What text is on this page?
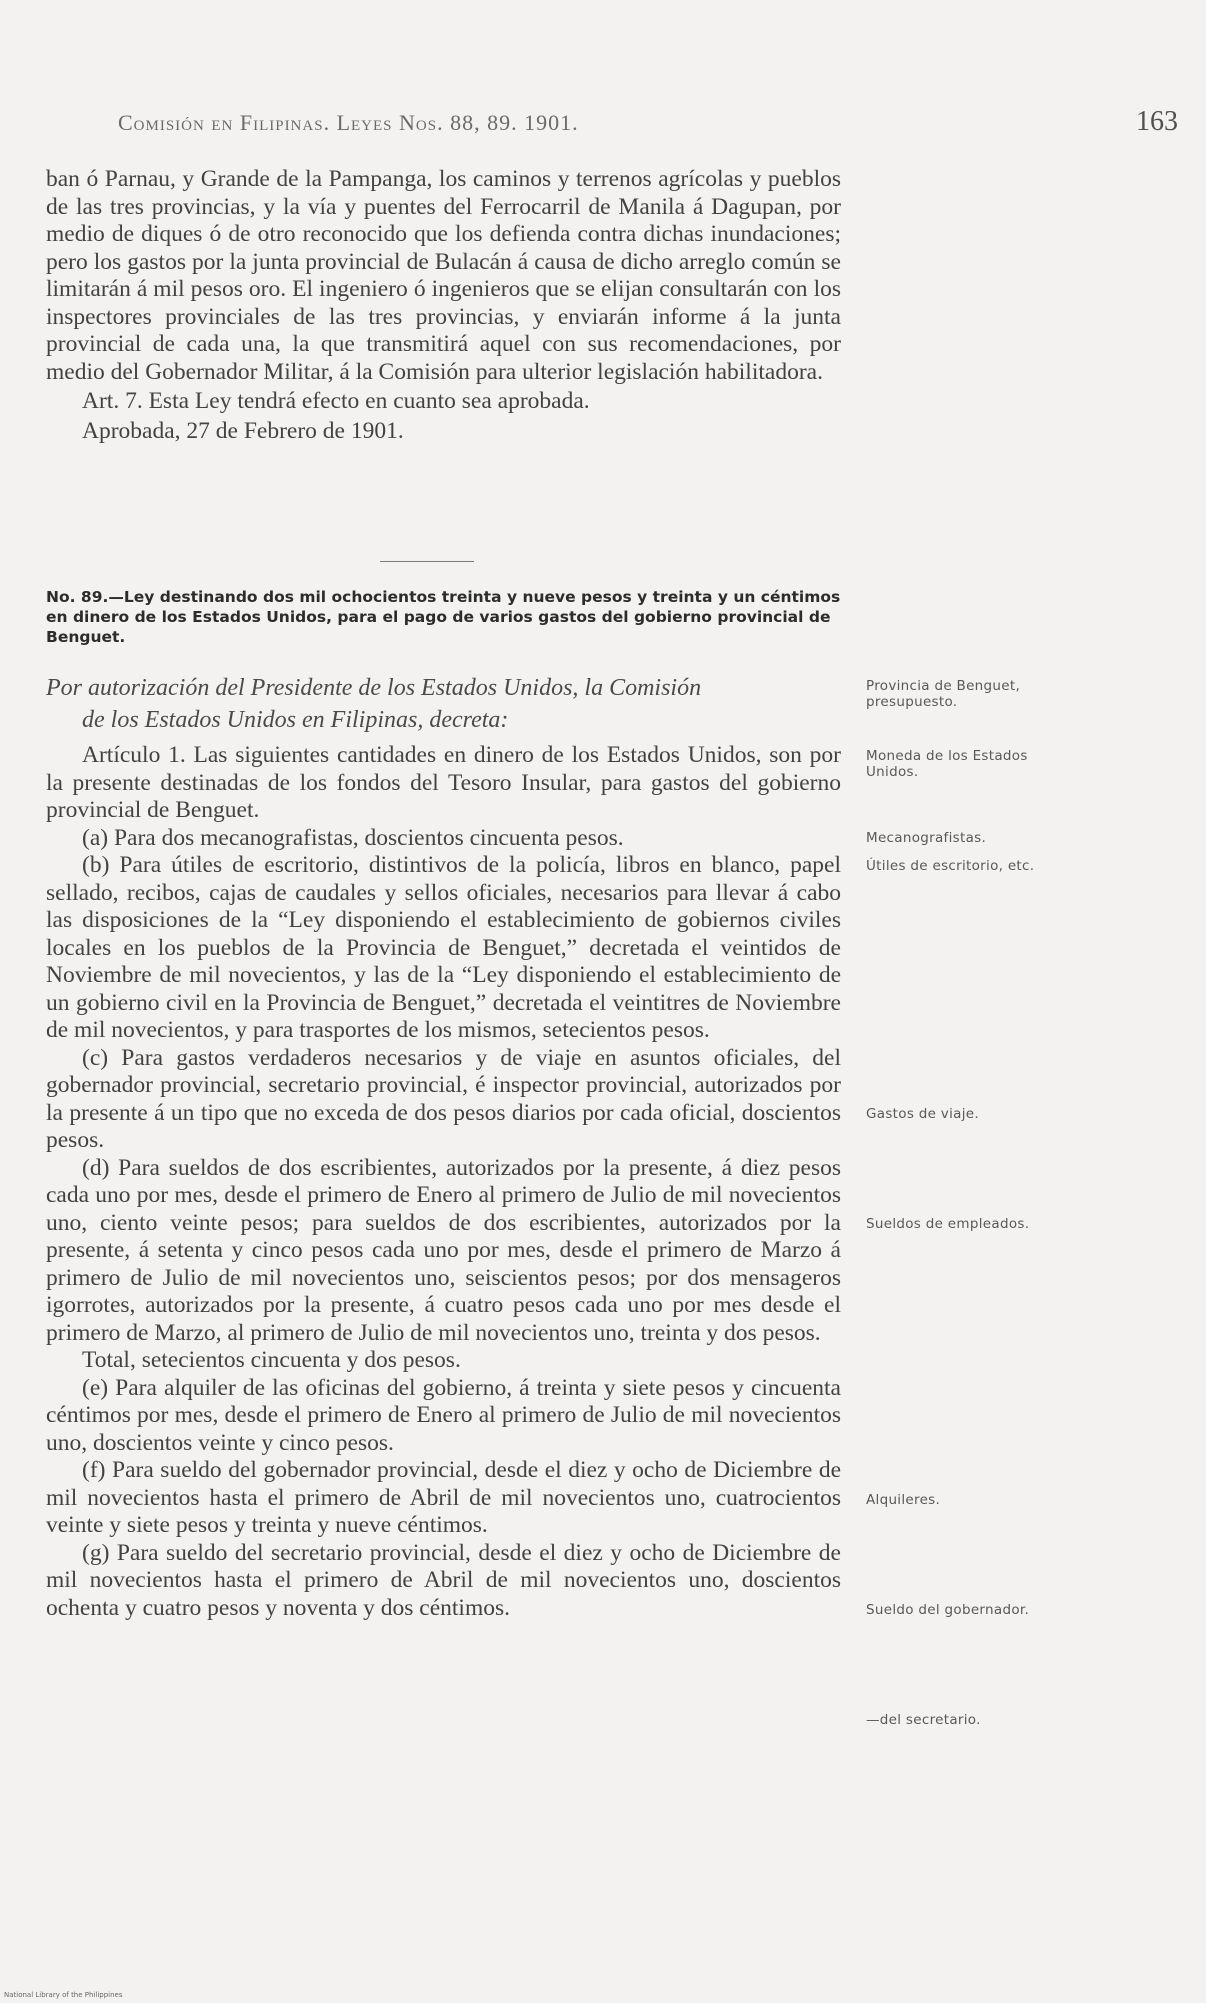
Comisión en Filipinas. Leyes Nos. 88, 89. 1901.	163

ban ó Parnau, y Grande de la Pampanga, los caminos y terrenos agrícolas y pueblos de las tres provincias, y la vía y puentes del Ferrocarril de Manila á Dagupan, por medio de diques ó de otro reconocido que los defienda contra dichas inundaciones; pero los gastos por la junta provincial de Bulacán á causa de dicho arreglo común se limitarán á mil pesos oro. El ingeniero ó ingenieros que se elijan consultarán con los inspectores provinciales de las tres provincias, y enviarán informe á la junta provincial de cada una, la que transmitirá aquel con sus recomendaciones, por medio del Gobernador Militar, á la Comisión para ulterior legislación habilitadora.

Art. 7. Esta Ley tendrá efecto en cuanto sea aprobada.

Aprobada, 27 de Febrero de 1901.

No. 89.—Ley destinando dos mil ochocientos treinta y nueve pesos y treinta y un céntimos en dinero de los Estados Unidos, para el pago de varios gastos del gobierno provincial de Benguet.

Por autorización del Presidente de los Estados Unidos, la Comisión
de los Estados Unidos en Filipinas, decreta:

Artículo 1. Las siguientes cantidades en dinero de los Estados Unidos, son por la presente destinadas de los fondos del Tesoro Insular, para gastos del gobierno provincial de Benguet.

(a) Para dos mecanografistas, doscientos cincuenta pesos.

(b) Para útiles de escritorio, distintivos de la policía, libros en blanco, papel sellado, recibos, cajas de caudales y sellos oficiales, necesarios para llevar á cabo las disposiciones de la “Ley disponiendo el establecimiento de gobiernos civiles locales en los pueblos de la Provincia de Benguet,” decretada el veintidos de Noviembre de mil novecientos, y las de la “Ley disponiendo el establecimiento de un gobierno civil en la Provincia de Benguet,” decretada el veintitres de Noviembre de mil novecientos, y para trasportes de los mismos, setecientos pesos.

(c) Para gastos verdaderos necesarios y de viaje en asuntos oficiales, del gobernador provincial, secretario provincial, é inspector provincial, autorizados por la presente á un tipo que no exceda de dos pesos diarios por cada oficial, doscientos pesos.

(d) Para sueldos de dos escribientes, autorizados por la presente, á diez pesos cada uno por mes, desde el primero de Enero al primero de Julio de mil novecientos uno, ciento veinte pesos; para sueldos de dos escribientes, autorizados por la presente, á setenta y cinco pesos cada uno por mes, desde el primero de Marzo á primero de Julio de mil novecientos uno, seiscientos pesos; por dos mensageros igorrotes, autorizados por la presente, á cuatro pesos cada uno por mes desde el primero de Marzo, al primero de Julio de mil novecientos uno, treinta y dos pesos.

Total, setecientos cincuenta y dos pesos.

(e) Para alquiler de las oficinas del gobierno, á treinta y siete pesos y cincuenta céntimos por mes, desde el primero de Enero al primero de Julio de mil novecientos uno, doscientos veinte y cinco pesos.

(f) Para sueldo del gobernador provincial, desde el diez y ocho de Diciembre de mil novecientos hasta el primero de Abril de mil novecientos uno, cuatrocientos veinte y siete pesos y treinta y nueve céntimos.

(g) Para sueldo del secretario provincial, desde el diez y ocho de Diciembre de mil novecientos hasta el primero de Abril de mil novecientos uno, doscientos ochenta y cuatro pesos y noventa y dos céntimos.

Provincia de Benguet, presupuesto.
Moneda de los Estados Unidos.
Mecanografistas.
Útiles de escritorio, etc.
Gastos de viaje.
Sueldos de empleados.
Alquileres.
Sueldo del gobernador.
—del secretario.
National Library of the Philippines
